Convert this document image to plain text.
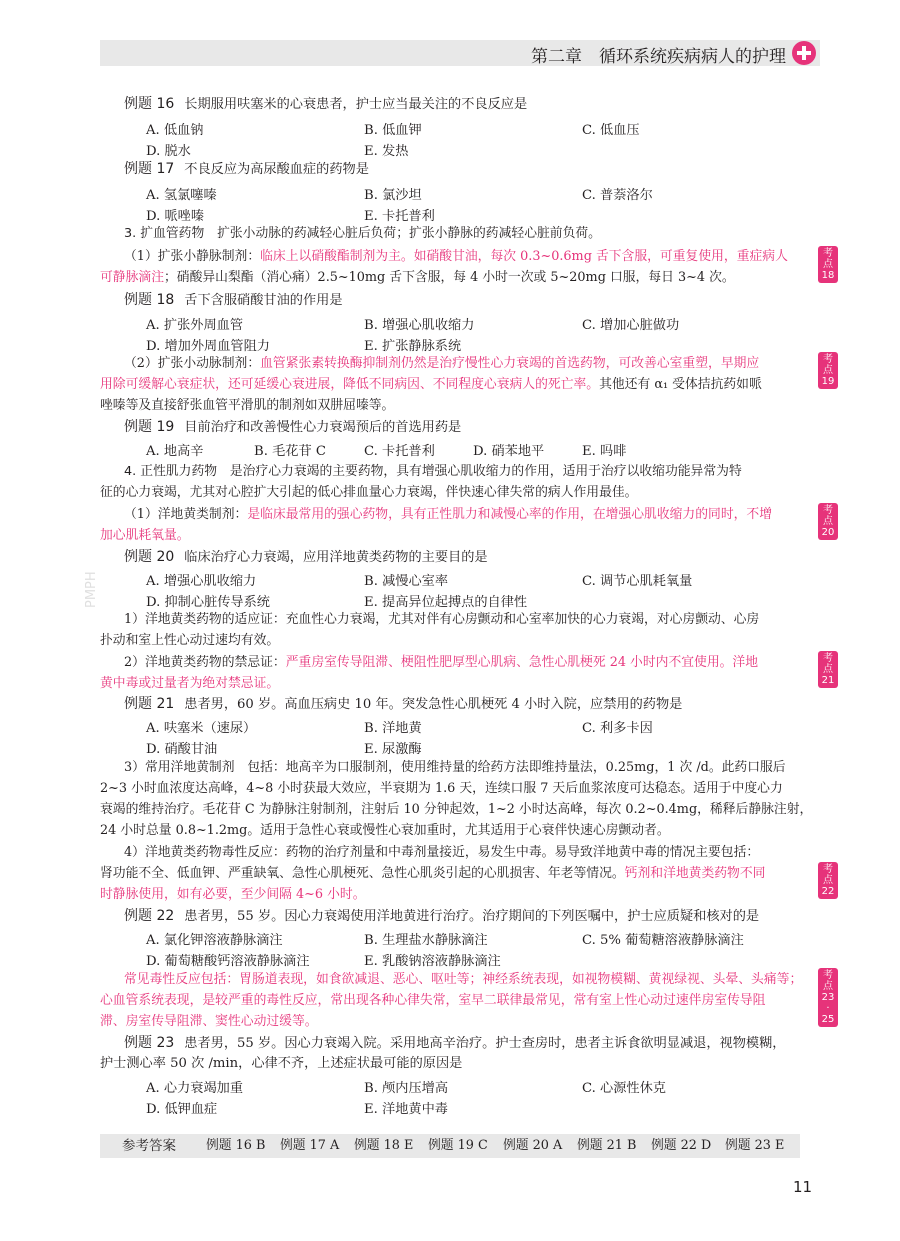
第二章　循环系统疾病病人的护理
PMPH
例题 16 长期服用呋塞米的心衰患者，护士应当最关注的不良反应是
A. 低血钠	B. 低血钾	C. 低血压
D. 脱水	E. 发热
例题 17 不良反应为高尿酸血症的药物是
A. 氢氯噻嗪	B. 氯沙坦	C. 普萘洛尔
D. 哌唑嗪	E. 卡托普利
3. 扩血管药物　 扩张小动脉的药减轻心脏后负荷；扩张小静脉的药减轻心脏前负荷。
（1）扩张小静脉制剂：临床上以硝酸酯制剂为主。如硝酸甘油，每次 0.3~0.6mg 舌下含服，可重复使用，重症病人
可静脉滴注；硝酸异山梨酯（消心痛）2.5~10mg 舌下含服，每 4 小时一次或 5~20mg 口服，每日 3~4 次。
例题 18 舌下含服硝酸甘油的作用是
A. 扩张外周血管	B. 增强心肌收缩力	C. 增加心脏做功
D. 增加外周血管阻力	E. 扩张静脉系统
（2）扩张小动脉制剂：血管紧张素转换酶抑制剂仍然是治疗慢性心力衰竭的首选药物，可改善心室重塑，早期应
用除可缓解心衰症状，还可延缓心衰进展，降低不同病因、不同程度心衰病人的死亡率。其他还有 α₁ 受体拮抗药如哌
唑嗪等及直接舒张血管平滑肌的制剂如双肼屈嗪等。
例题 19 目前治疗和改善慢性心力衰竭预后的首选用药是
A. 地高辛	B. 毛花苷 C	C. 卡托普利	D. 硝苯地平	E. 吗啡
4. 正性肌力药物　 是治疗心力衰竭的主要药物，具有增强心肌收缩力的作用，适用于治疗以收缩功能异常为特
征的心力衰竭，尤其对心腔扩大引起的低心排血量心力衰竭，伴快速心律失常的病人作用最佳。
（1）洋地黄类制剂：是临床最常用的强心药物，具有正性肌力和减慢心率的作用，在增强心肌收缩力的同时，不增
加心肌耗氧量。
例题 20 临床治疗心力衰竭，应用洋地黄类药物的主要目的是
A. 增强心肌收缩力	B. 减慢心室率	C. 调节心肌耗氧量
D. 抑制心脏传导系统	E. 提高异位起搏点的自律性
1）洋地黄类药物的适应证：充血性心力衰竭，尤其对伴有心房颤动和心室率加快的心力衰竭，对心房颤动、心房
扑动和室上性心动过速均有效。
2）洋地黄类药物的禁忌证：严重房室传导阻滞、梗阻性肥厚型心肌病、急性心肌梗死 24 小时内不宜使用。洋地
黄中毒或过量者为绝对禁忌证。
例题 21 患者男，60 岁。高血压病史 10 年。突发急性心肌梗死 4 小时入院，应禁用的药物是
A. 呋塞米（速尿）	B. 洋地黄	C. 利多卡因
D. 硝酸甘油	E. 尿激酶
3）常用洋地黄制剂　包括：地高辛为口服制剂，使用维持量的给药方法即维持量法，0.25mg，1 次 /d。此药口服后
2~3 小时血浓度达高峰，4~8 小时获最大效应，半衰期为 1.6 天，连续口服 7 天后血浆浓度可达稳态。适用于中度心力
衰竭的维持治疗。毛花苷 C 为静脉注射制剂，注射后 10 分钟起效，1~2 小时达高峰，每次 0.2~0.4mg，稀释后静脉注射，
24 小时总量 0.8~1.2mg。适用于急性心衰或慢性心衰加重时，尤其适用于心衰伴快速心房颤动者。
4）洋地黄类药物毒性反应：药物的治疗剂量和中毒剂量接近，易发生中毒。易导致洋地黄中毒的情况主要包括：
肾功能不全、低血钾、严重缺氧、急性心肌梗死、急性心肌炎引起的心肌损害、年老等情况。钙剂和洋地黄类药物不同
时静脉使用，如有必要，至少间隔 4~6 小时。
例题 22 患者男，55 岁。因心力衰竭使用洋地黄进行治疗。治疗期间的下列医嘱中，护士应质疑和核对的是
A. 氯化钾溶液静脉滴注	B. 生理盐水静脉滴注	C. 5% 葡萄糖溶液静脉滴注
D. 葡萄糖酸钙溶液静脉滴注	E. 乳酸钠溶液静脉滴注
常见毒性反应包括：胃肠道表现，如食欲减退、恶心、呕吐等；神经系统表现，如视物模糊、黄视绿视、头晕、头痛等；
心血管系统表现，是较严重的毒性反应，常出现各种心律失常，室早二联律最常见，常有室上性心动过速伴房室传导阻
滞、房室传导阻滞、窦性心动过缓等。
例题 23 患者男，55 岁。因心力衰竭入院。采用地高辛治疗。护士查房时，患者主诉食欲明显减退，视物模糊，
护士测心率 50 次 /min，心律不齐，上述症状最可能的原因是
A. 心力衰竭加重	B. 颅内压增高	C. 心源性休克
D. 低钾血症	E. 洋地黄中毒
考
点
18
考
点
19
考
点
20
考
点
21
考
点
22
考
点
23
·
25
参考答案 例题 16 B 例题 17 A 例题 18 E 例题 19 C 例题 20 A 例题 21 B 例题 22 D 例题 23 E
11
